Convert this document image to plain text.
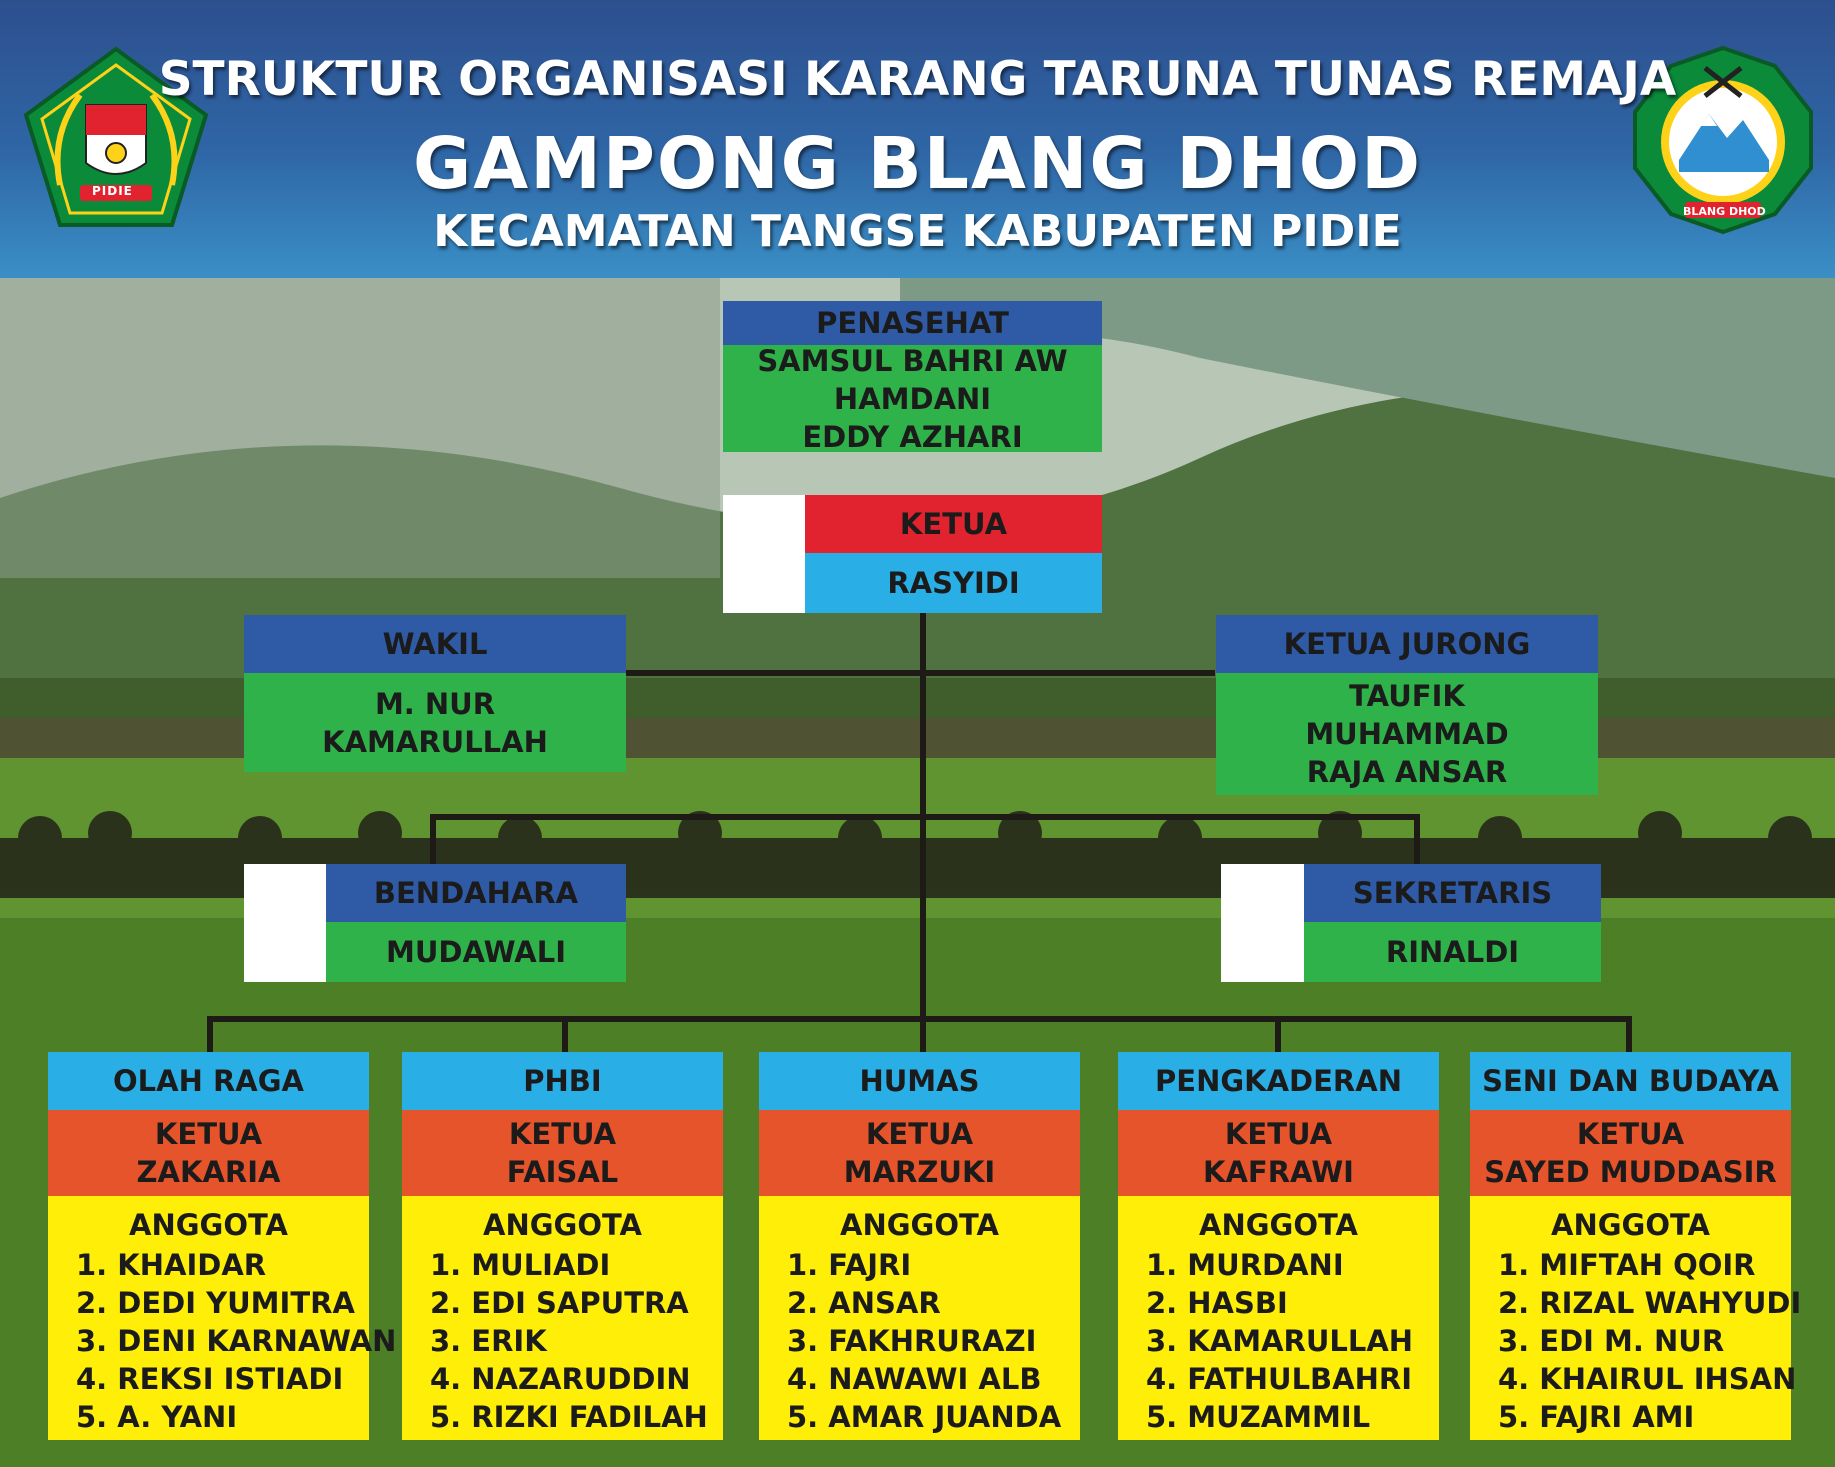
PIDIE
BLANG DHOD
STRUKTUR ORGANISASI KARANG TARUNA TUNAS REMAJA
GAMPONG BLANG DHOD
KECAMATAN TANGSE KABUPATEN PIDIE
PENASEHAT
SAMSUL BAHRI AW
HAMDANI
EDDY AZHARI
KETUA
RASYIDI
WAKIL
M. NUR
KAMARULLAH
KETUA JURONG
TAUFIK
MUHAMMAD
RAJA ANSAR
BENDAHARA
MUDAWALI
SEKRETARIS
RINALDI
OLAH RAGA
KETUA
ZAKARIA
ANGGOTA
1. KHAIDAR
2. DEDI YUMITRA
3. DENI KARNAWAN
4. REKSI ISTIADI
5. A. YANI
PHBI
KETUA
FAISAL
ANGGOTA
1. MULIADI
2. EDI SAPUTRA
3. ERIK
4. NAZARUDDIN
5. RIZKI FADILAH
HUMAS
KETUA
MARZUKI
ANGGOTA
1. FAJRI
2. ANSAR
3. FAKHRURAZI
4. NAWAWI ALB
5. AMAR JUANDA
PENGKADERAN
KETUA
KAFRAWI
ANGGOTA
1. MURDANI
2. HASBI
3. KAMARULLAH
4. FATHULBAHRI
5. MUZAMMIL
SENI DAN BUDAYA
KETUA
SAYED MUDDASIR
ANGGOTA
1. MIFTAH QOIR
2. RIZAL WAHYUDI
3. EDI M. NUR
4. KHAIRUL IHSAN
5. FAJRI AMI
